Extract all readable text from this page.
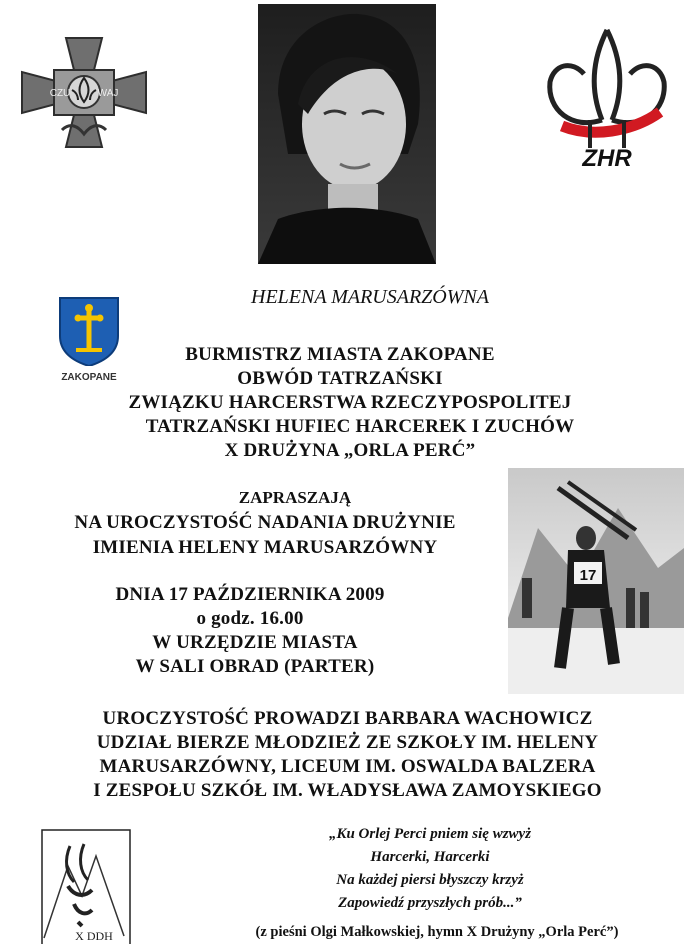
CZU	WAJ
ZHR
ZAKOPANE
HELENA MARUSARZÓWNA
BURMISTRZ MIASTA ZAKOPANE
OBWÓD TATRZAŃSKI
ZWIĄZKU HARCERSTWA RZECZYPOSPOLITEJ
TATRZAŃSKI HUFIEC HARCEREK I ZUCHÓW
X DRUŻYNA „ORLA PERĆ”
ZAPRASZAJĄ
NA UROCZYSTOŚĆ NADANIA DRUŻYNIE
IMIENIA HELENY MARUSARZÓWNY
17
DNIA 17 PAŹDZIERNIKA 2009
o godz. 16.00
W URZĘDZIE MIASTA
W SALI OBRAD (PARTER)
UROCZYSTOŚĆ PROWADZI BARBARA WACHOWICZ
UDZIAŁ BIERZE MŁODZIEŻ ZE SZKOŁY IM. HELENY
MARUSARZÓWNY, LICEUM IM. OSWALDA BALZERA
I ZESPOŁU SZKÓŁ IM. WŁADYSŁAWA ZAMOYSKIEGO
X DDH
„Ku Orlej Perci pniem się wzwyż
Harcerki, Harcerki
Na każdej piersi błyszczy krzyż
Zapowiedź przyszłych prób...”
(z pieśni Olgi Małkowskiej, hymn X Drużyny „Orla Perć”)
